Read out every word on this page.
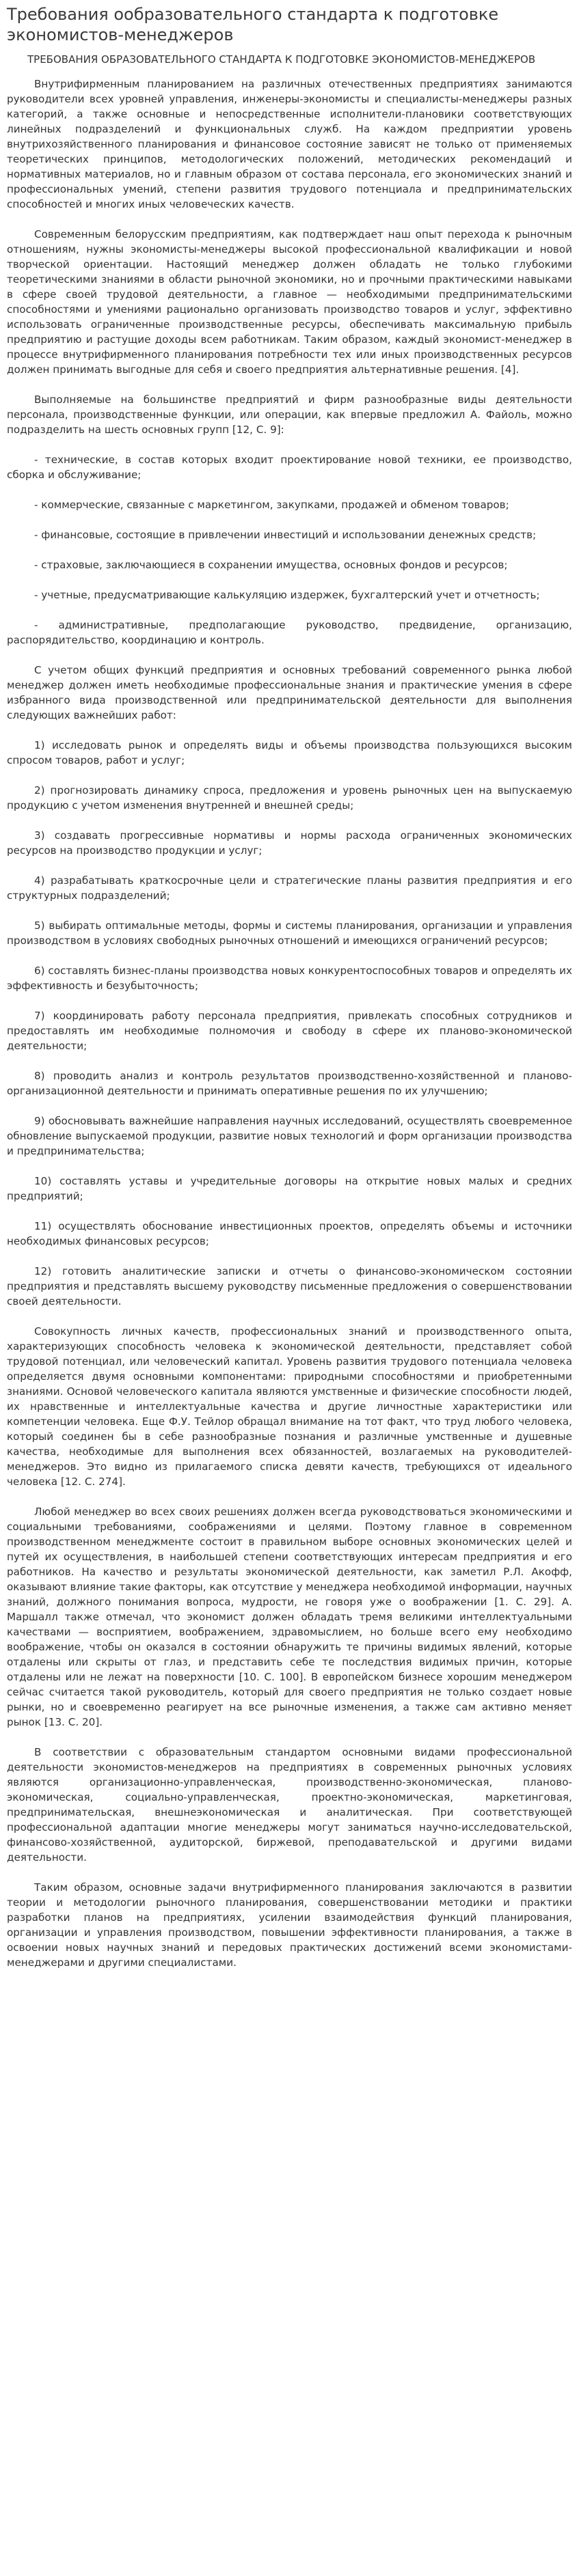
Требования ообразовательного стандарта к подготовке экономистов-менеджеров

ТРЕБОВАНИЯ ОБРАЗОВАТЕЛЬНОГО СТАНДАРТА К ПОДГОТОВКЕ ЭКОНОМИСТОВ-МЕНЕДЖЕРОВ

Внутрифирменным планированием на различных отечественных предприятиях занимаются руководители всех уровней управления, инженеры-экономисты и специалисты-менеджеры разных категорий, а также основные и непосредственные исполнители-плановики соответствующих линейных подразделений и функциональных служб. На каждом предприятии уровень внутрихозяйственного планирования и финансовое состояние зависят не только от применяемых теоретических принципов, методологических положений, методических рекомендаций и нормативных материалов, но и главным образом от состава персонала, его экономических знаний и профессиональных умений, степени развития трудового потенциала и предпринимательских способностей и многих иных человеческих качеств.

Современным белорусским предприятиям, как подтверждает наш опыт перехода к рыночным отношениям, нужны экономисты-менеджеры высокой профессиональной квалификации и новой творческой ориентации. Настоящий менеджер должен обладать не только глубокими теоретическими знаниями в области рыночной экономики, но и прочными практическими навыками в сфере своей трудовой деятельности, а главное — необходимыми предпринимательскими способностями и умениями рационально организовать производство товаров и услуг, эффективно использовать ограниченные производственные ресурсы, обеспечивать максимальную прибыль предприятию и растущие доходы всем работникам. Таким образом, каждый экономист-менеджер в процессе внутрифирменного планирования потребности тех или иных производственных ресурсов должен принимать выгодные для себя и своего предприятия альтернативные решения. [4].

Выполняемые на большинстве предприятий и фирм разнообразные виды деятельности персонала, производственные функции, или операции, как впервые предложил А. Файоль, можно подразделить на шесть основных групп [12, С. 9]:

- технические, в состав которых входит проектирование новой техники, ее производство, сборка и обслуживание;

- коммерческие, связанные с маркетингом, закупками, продажей и обменом товаров;

- финансовые, состоящие в привлечении инвестиций и использовании денежных средств;

- страховые, заключающиеся в сохранении имущества, основных фондов и ресурсов;

- учетные, предусматривающие калькуляцию издержек, бухгалтерский учет и отчетность;

- административные, предполагающие руководство, предвидение, организацию, распорядительство, координацию и контроль.

С учетом общих функций предприятия и основных требований современного рынка любой менеджер должен иметь необходимые профессиональные знания и практические умения в сфере избранного вида производственной или предпринимательской деятельности для выполнения следующих важнейших работ:

1) исследовать рынок и определять виды и объемы производства пользующихся высоким спросом товаров, работ и услуг;

2) прогнозировать динамику спроса, предложения и уровень рыночных цен на выпускаемую продукцию с учетом изменения внутренней и внешней среды;

3) создавать прогрессивные нормативы и нормы расхода ограниченных экономических ресурсов на производство продукции и услуг;

4) разрабатывать краткосрочные цели и стратегические планы развития предприятия и его структурных подразделений;

5) выбирать оптимальные методы, формы и системы планирования, организации и управления производством в условиях свободных рыночных отношений и имеющихся ограничений ресурсов;

6) составлять бизнес-планы производства новых конкурентоспособных товаров и определять их эффективность и безубыточность;

7) координировать работу персонала предприятия, привлекать способных сотрудников и предоставлять им необходимые полномочия и свободу в сфере их планово-экономической деятельности;

8) проводить анализ и контроль результатов производственно-хозяйственной и планово-организационной деятельности и принимать оперативные решения по их улучшению;

9) обосновывать важнейшие направления научных исследований, осуществлять своевременное обновление выпускаемой продукции, развитие новых технологий и форм организации производства и предпринимательства;

10) составлять уставы и учредительные договоры на открытие новых малых и средних предприятий;

11) осуществлять обоснование инвестиционных проектов, определять объемы и источники необходимых финансовых ресурсов;

12) готовить аналитические записки и отчеты о финансово-экономическом состоянии предприятия и представлять высшему руководству письменные предложения о совершенствовании своей деятельности.

Совокупность личных качеств, профессиональных знаний и производственного опыта, характеризующих способность человека к экономической деятельности, представляет собой трудовой потенциал, или человеческий капитал. Уровень развития трудового потенциала человека определяется двумя основными компонентами: природными способностями и приобретенными знаниями. Основой человеческого капитала являются умственные и физические способности людей, их нравственные и интеллектуальные качества и другие личностные характеристики или компетенции человека. Еще Ф.У. Тейлор обращал внимание на тот факт, что труд любого человека, который соединен бы в себе разнообразные познания и различные умственные и душевные качества, необходимые для выполнения всех обязанностей, возлагаемых на руководителей-менеджеров. Это видно из прилагаемого списка девяти качеств, требующихся от идеального человека [12. С. 274].

Любой менеджер во всех своих решениях должен всегда руководствоваться экономическими и социальными требованиями, соображениями и целями. Поэтому главное в современном производственном менеджменте состоит в правильном выборе основных экономических целей и путей их осуществления, в наибольшей степени соответствующих интересам предприятия и его работников. На качество и результаты экономической деятельности, как заметил Р.Л. Акофф, оказывают влияние такие факторы, как отсутствие у менеджера необходимой информации, научных знаний, должного понимания вопроса, мудрости, не говоря уже о воображении [1. С. 29]. А. Маршалл также отмечал, что экономист должен обладать тремя великими интеллектуальными качествами — восприятием, воображением, здравомыслием, но больше всего ему необходимо воображение, чтобы он оказался в состоянии обнаружить те причины видимых явлений, которые отдалены или скрыты от глаз, и представить себе те последствия видимых причин, которые отдалены или не лежат на поверхности [10. С. 100]. В европейском бизнесе хорошим менеджером сейчас считается такой руководитель, который для своего предприятия не только создает новые рынки, но и своевременно реагирует на все рыночные изменения, а также сам активно меняет рынок [13. С. 20].

В соответствии с образовательным стандартом основными видами профессиональной деятельности экономистов-менеджеров на предприятиях в современных рыночных условиях являются организационно-управленческая, производственно-экономическая, планово-экономическая, социально-управленческая, проектно-экономическая, маркетинговая, предпринимательская, внешнеэкономическая и аналитическая. При соответствующей профессиональной адаптации многие менеджеры могут заниматься научно-исследовательской, финансово-хозяйственной, аудиторской, биржевой, преподавательской и другими видами деятельности.

Таким образом, основные задачи внутрифирменного планирования заключаются в развитии теории и методологии рыночного планирования, совершенствовании методики и практики разработки планов на предприятиях, усилении взаимодействия функций планирования, организации и управления производством, повышении эффективности планирования, а также в освоении новых научных знаний и передовых практических достижений всеми экономистами-менеджерами и другими специалистами.
